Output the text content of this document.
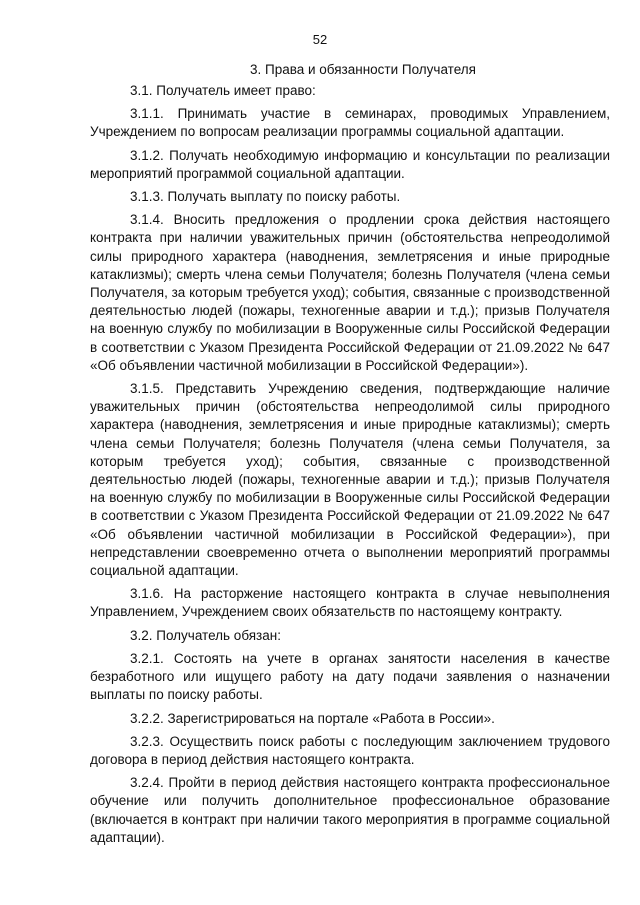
52
3. Права и обязанности Получателя

3.1. Получатель имеет право:

3.1.1. Принимать участие в семинарах, проводимых Управлением, Учреждением по вопросам реализации программы социальной адаптации.

3.1.2. Получать необходимую информацию и консультации по реализации мероприятий программой социальной адаптации.

3.1.3. Получать выплату по поиску работы.

3.1.4. Вносить предложения о продлении срока действия настоящего контракта при наличии уважительных причин (обстоятельства непреодолимой силы природного характера (наводнения, землетрясения и иные природные катаклизмы); смерть члена семьи Получателя; болезнь Получателя (члена семьи Получателя, за которым требуется уход); события, связанные с производственной деятельностью людей (пожары, техногенные аварии и т.д.); призыв Получателя на военную службу по мобилизации в Вооруженные силы Российской Федерации в соответствии с Указом Президента Российской Федерации от 21.09.2022 № 647 «Об объявлении частичной мобилизации в Российской Федерации»).

3.1.5. Представить Учреждению сведения, подтверждающие наличие уважительных причин (обстоятельства непреодолимой силы природного характера (наводнения, землетрясения и иные природные катаклизмы); смерть члена семьи Получателя; болезнь Получателя (члена семьи Получателя, за которым требуется уход); события, связанные с производственной деятельностью людей (пожары, техногенные аварии и т.д.); призыв Получателя на военную службу по мобилизации в Вооруженные силы Российской Федерации в соответствии с Указом Президента Российской Федерации от 21.09.2022 № 647 «Об объявлении частичной мобилизации в Российской Федерации»), при непредставлении своевременно отчета о выполнении мероприятий программы социальной адаптации.

3.1.6. На расторжение настоящего контракта в случае невыполнения Управлением, Учреждением своих обязательств по настоящему контракту.

3.2. Получатель обязан:

3.2.1. Состоять на учете в органах занятости населения в качестве безработного или ищущего работу на дату подачи заявления о назначении выплаты по поиску работы.

3.2.2. Зарегистрироваться на портале «Работа в России».

3.2.3. Осуществить поиск работы с последующим заключением трудового договора в период действия настоящего контракта.

3.2.4. Пройти в период действия настоящего контракта профессиональное обучение или получить дополнительное профессиональное образование (включается в контракт при наличии такого мероприятия в программе социальной адаптации).
